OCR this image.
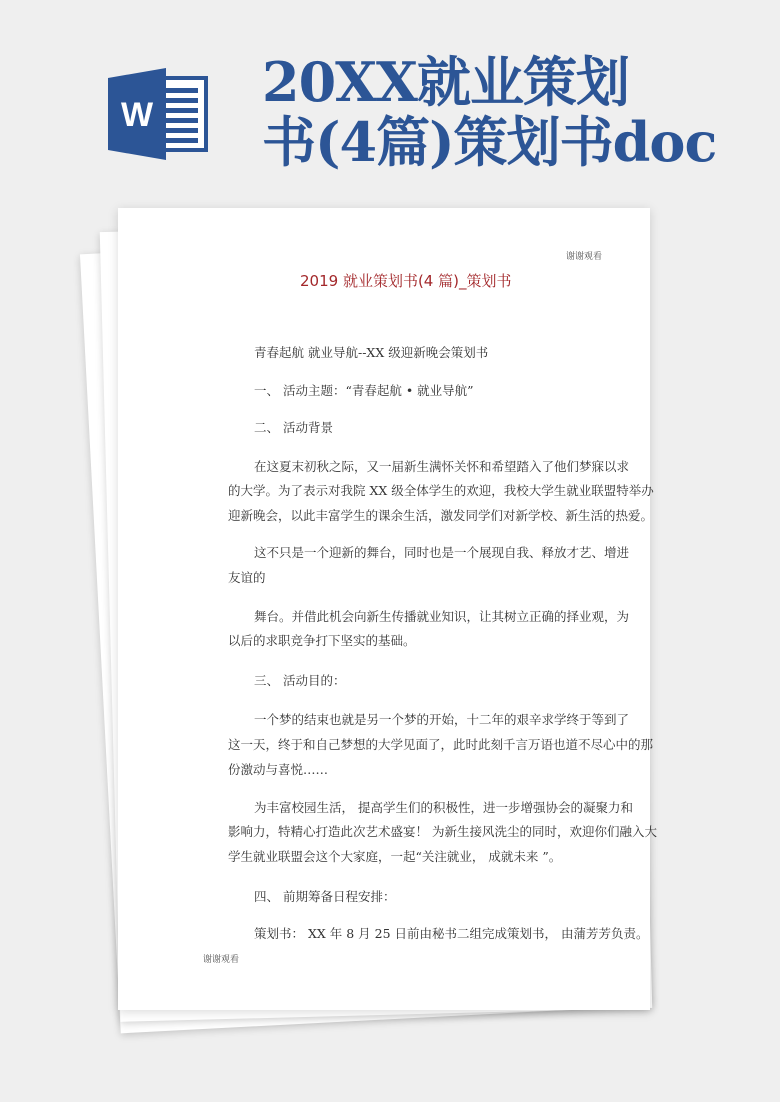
W
20XX就业策划
书(4篇)策划书doc
谢谢观看
2019 就业策划书(4 篇)_策划书
青春起航 就业导航--XX 级迎新晚会策划书
一、 活动主题：“青春起航 • 就业导航”
二、 活动背景
在这夏末初秋之际，又一届新生满怀关怀和希望踏入了他们梦寐以求
的大学。为了表示对我院 XX 级全体学生的欢迎，我校大学生就业联盟特举办
迎新晚会，以此丰富学生的课余生活，激发同学们对新学校、新生活的热爱。
这不只是一个迎新的舞台，同时也是一个展现自我、释放才艺、增进
友谊的
舞台。并借此机会向新生传播就业知识，让其树立正确的择业观，为
以后的求职竞争打下坚实的基础。
三、 活动目的：
一个梦的结束也就是另一个梦的开始，十二年的艰辛求学终于等到了
这一天，终于和自己梦想的大学见面了，此时此刻千言万语也道不尽心中的那
份激动与喜悦……
为丰富校园生活， 提高学生们的积极性，进一步增强协会的凝聚力和
影响力，特精心打造此次艺术盛宴！ 为新生接风洗尘的同时，欢迎你们融入大
学生就业联盟会这个大家庭，一起“关注就业， 成就未来 ”。
四、 前期筹备日程安排：
策划书： XX 年 8 月 25 日前由秘书二组完成策划书， 由蒲芳芳负责。
谢谢观看
